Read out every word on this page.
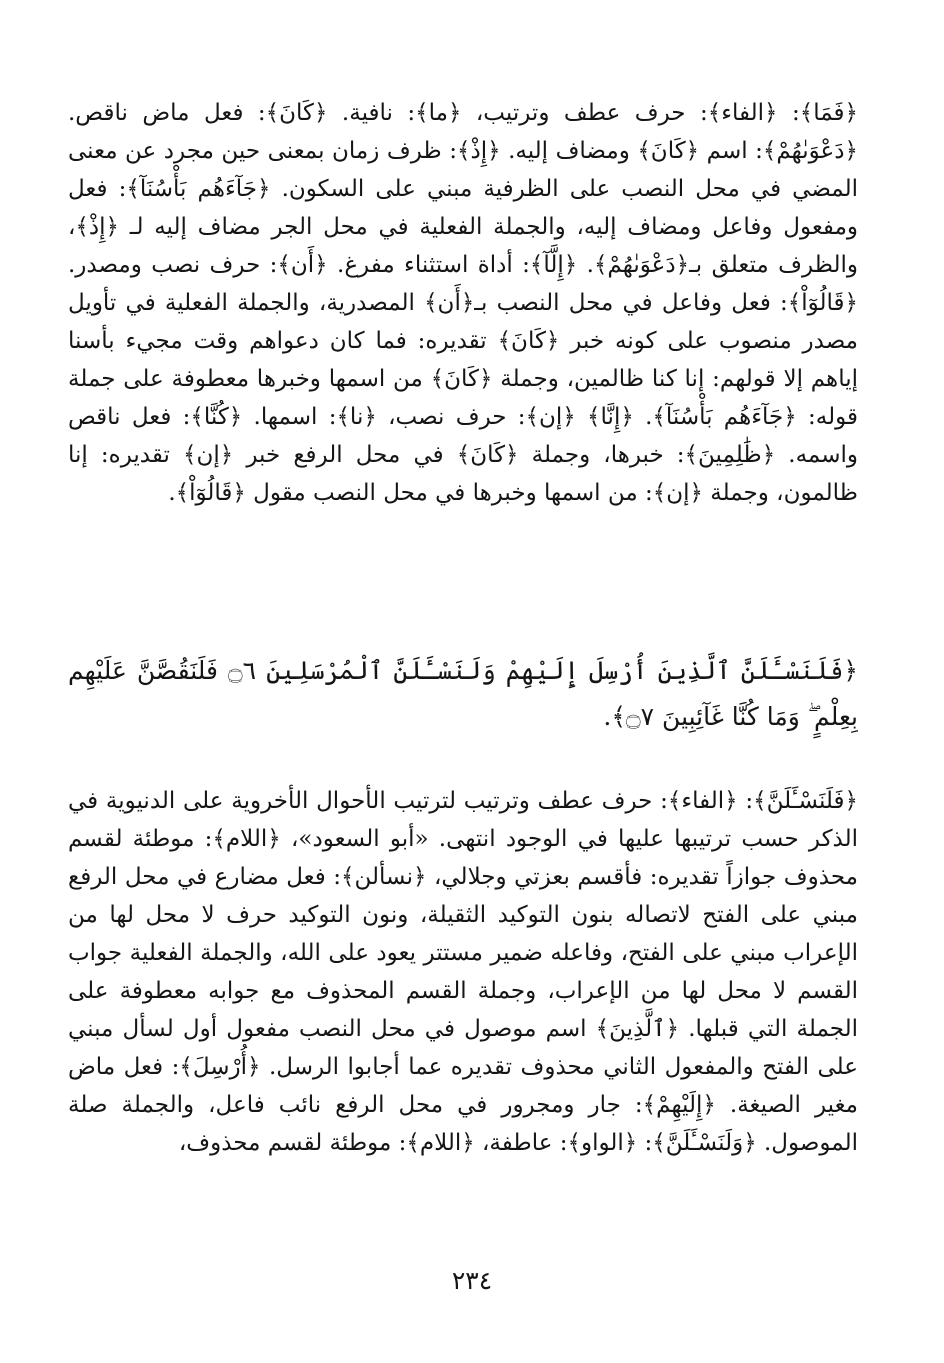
﴿فَمَا﴾: ﴿الفاء﴾: حرف عطف وترتيب، ﴿ما﴾: نافية. ﴿كَانَ﴾: فعل ماض ناقص. ﴿دَعْوَىٰهُمْ﴾: اسم ﴿كَانَ﴾ ومضاف إليه. ﴿إِذْ﴾: ظرف زمان بمعنى حين مجرد عن معنى المضي في محل النصب على الظرفية مبني على السكون. ﴿جَآءَهُم بَأْسُنَآ﴾: فعل ومفعول وفاعل ومضاف إليه، والجملة الفعلية في محل الجر مضاف إليه لـ ﴿إِذْ﴾، والظرف متعلق بـ﴿دَعْوَىٰهُمْ﴾. ﴿إِلَّآ﴾: أداة استثناء مفرغ. ﴿أَن﴾: حرف نصب ومصدر. ﴿قَالُوٓاْ﴾: فعل وفاعل في محل النصب بـ﴿أَن﴾ المصدرية، والجملة الفعلية في تأويل مصدر منصوب على كونه خبر ﴿كَانَ﴾ تقديره: فما كان دعواهم وقت مجيء بأسنا إياهم إلا قولهم: إنا كنا ظالمين، وجملة ﴿كَانَ﴾ من اسمها وخبرها معطوفة على جملة قوله: ﴿جَآءَهُم بَأْسُنَآ﴾. ﴿إِنَّا﴾ ﴿إن﴾: حرف نصب، ﴿نا﴾: اسمها. ﴿كُنَّا﴾: فعل ناقص واسمه. ﴿ظَٰلِمِينَ﴾: خبرها، وجملة ﴿كَانَ﴾ في محل الرفع خبر ﴿إن﴾ تقديره: إنا ظالمون، وجملة ﴿إن﴾: من اسمها وخبرها في محل النصب مقول ﴿قَالُوٓاْ﴾.

﴿فَلَنَسْـَٔلَنَّ ٱلَّذِينَ أُرْسِلَ إِلَيْهِمْ وَلَنَسْـَٔلَنَّ ٱلْمُرْسَلِينَ ۝٦ فَلَنَقُصَّنَّ عَلَيْهِم بِعِلْمٍ ۖ وَمَا كُنَّا غَآئِبِينَ ۝٧﴾.

﴿فَلَنَسْـَٔلَنَّ﴾: ﴿الفاء﴾: حرف عطف وترتيب لترتيب الأحوال الأخروية على الدنيوية في الذكر حسب ترتيبها عليها في الوجود انتهى. «أبو السعود»، ﴿اللام﴾: موطئة لقسم محذوف جوازاً تقديره: فأقسم بعزتي وجلالي، ﴿نسألن﴾: فعل مضارع في محل الرفع مبني على الفتح لاتصاله بنون التوكيد الثقيلة، ونون التوكيد حرف لا محل لها من الإعراب مبني على الفتح، وفاعله ضمير مستتر يعود على الله، والجملة الفعلية جواب القسم لا محل لها من الإعراب، وجملة القسم المحذوف مع جوابه معطوفة على الجملة التي قبلها. ﴿ٱلَّذِينَ﴾ اسم موصول في محل النصب مفعول أول لسأل مبني على الفتح والمفعول الثاني محذوف تقديره عما أجابوا الرسل. ﴿أُرْسِلَ﴾: فعل ماض مغير الصيغة. ﴿إِلَيْهِمْ﴾: جار ومجرور في محل الرفع نائب فاعل، والجملة صلة الموصول. ﴿وَلَنَسْـَٔلَنَّ﴾: ﴿الواو﴾: عاطفة، ﴿اللام﴾: موطئة لقسم محذوف،

٢٣٤
